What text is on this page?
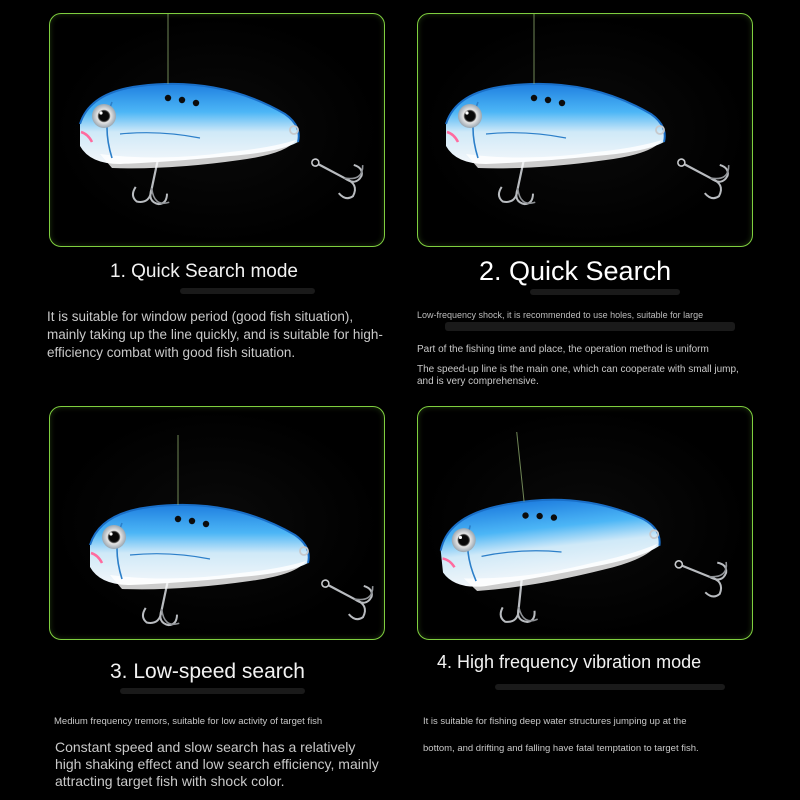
1. Quick Search mode	2. Quick Search
3. Low-speed search	4. High frequency vibration mode

It is suitable for window period (good fish situation), mainly taking up the line quickly, and is suitable for high-efficiency combat with good fish situation.

Low-frequency shock, it is recommended to use holes, suitable for large

Part of the fishing time and place, the operation method is uniform

The speed-up line is the main one, which can cooperate with small jump, and is very comprehensive.

Medium frequency tremors, suitable for low activity of target fish

Constant speed and slow search has a relatively high shaking effect and low search efficiency, mainly attracting target fish with shock color.

It is suitable for fishing deep water structures jumping up at the

bottom, and drifting and falling have fatal temptation to target fish.
